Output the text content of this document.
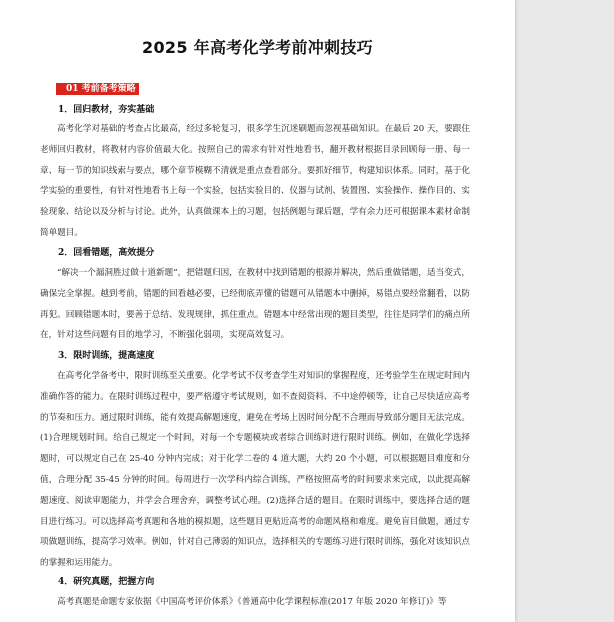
2025 年高考化学考前冲刺技巧
01 考前备考策略
1．回归教材，夯实基础
高考化学对基础的考查占比最高，经过多轮复习，很多学生沉迷刷题而忽视基础知识。在最后 20 天，要跟住老师回归教材，将教材内容价值最大化。按照自己的需求有针对性地看书，翻开教材根据目录回顾每一册、每一章、每一节的知识线索与要点，哪个章节模糊不清就是重点查看部分。要抓好细节，构建知识体系。同时，基于化学实验的重要性，有针对性地看书上每一个实验，包括实验目的、仪器与试剂、装置图、实验操作、操作目的、实验现象、结论以及分析与讨论。此外，认真做课本上的习题，包括例题与课后题，学有余力还可根据课本素材命制简单题目。
2．回看错题，高效提分
“解决一个漏洞胜过做十道新题”，把错题归因，在教材中找到错题的根源并解决，然后重做错题，适当变式，确保完全掌握。越到考前，错题的回看越必要，已经彻底弄懂的错题可从错题本中删掉，易错点要经常翻看，以防再犯。回顾错题本时，要善于总结、发现规律，抓住重点。错题本中经常出现的题目类型，往往是同学们的痛点所在，针对这些问题有目的地学习，不断强化弱项，实现高效复习。
3．限时训练，提高速度
在高考化学备考中，限时训练至关重要。化学考试不仅考查学生对知识的掌握程度，还考验学生在规定时间内准确作答的能力。在限时训练过程中，要严格遵守考试规则，如不查阅资料、不中途停顿等，让自己尽快适应高考的节奏和压力。通过限时训练，能有效提高解题速度，避免在考场上因时间分配不合理而导致部分题目无法完成。(1)合理规划时间。给自己规定一个时间，对每一个专题模块或者综合训练时进行限时训练。例如，在做化学选择题时，可以规定自己在 25-40 分钟内完成；对于化学二卷的 4 道大题，大约 20 个小题，可以根据题目难度和分值，合理分配 35-45 分钟的时间。每周进行一次学科内综合训练，严格按照高考的时间要求来完成，以此提高解题速度、阅读审题能力，并学会合理舍弃，调整考试心理。(2)选择合适的题目。在限时训练中，要选择合适的题目进行练习。可以选择高考真题和各地的模拟题，这些题目更贴近高考的命题风格和难度。避免盲目做题，通过专项做题训练，提高学习效率。例如，针对自己薄弱的知识点，选择相关的专题练习进行限时训练，强化对该知识点的掌握和运用能力。
4．研究真题，把握方向
高考真题是命题专家依据《中国高考评价体系》《普通高中化学课程标准(2017 年版 2020 年修订)》等
